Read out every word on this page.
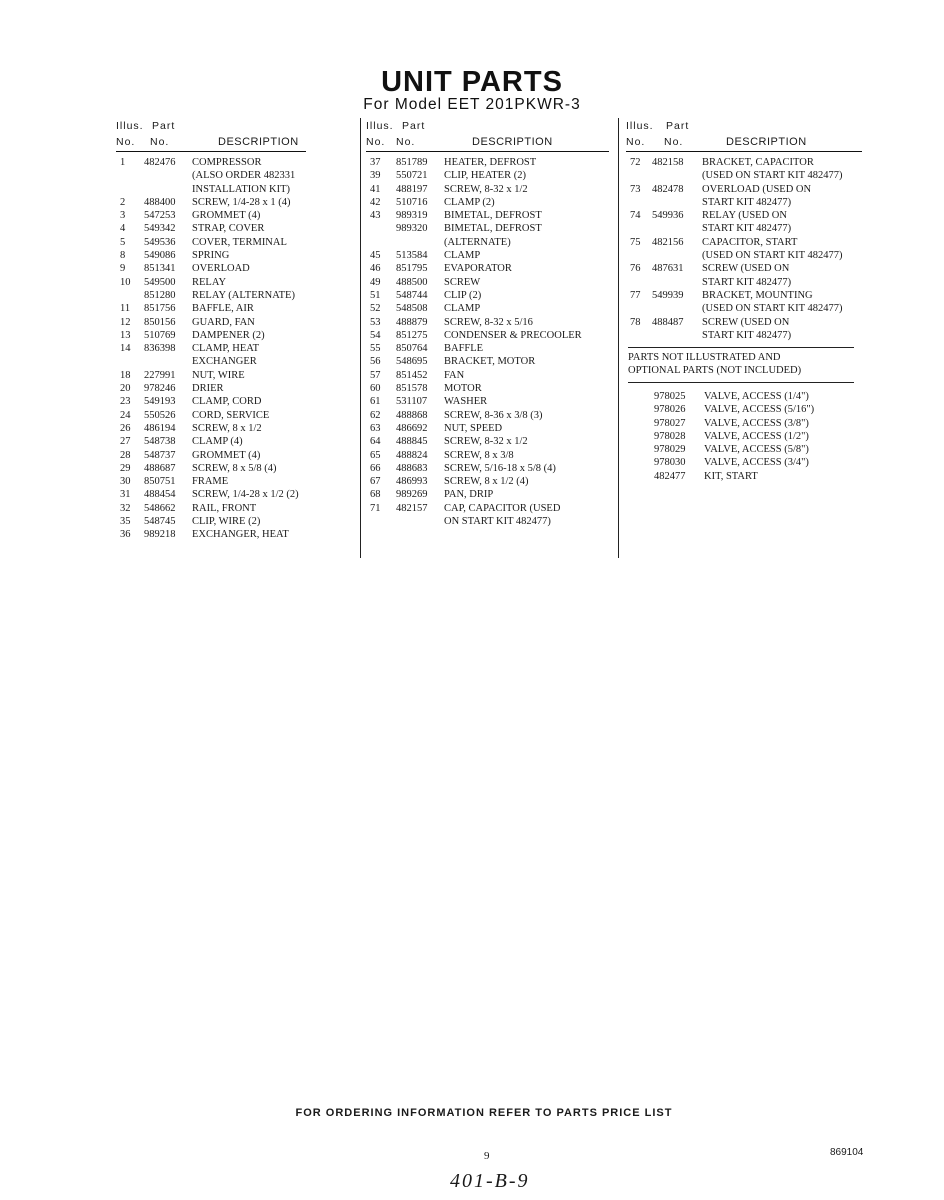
UNIT PARTS
For Model EET 201PKWR-3
Illus. Part
No. No.	DESCRIPTION
1 482476 COMPRESSOR
(ALSO ORDER 482331
INSTALLATION KIT)
2 488400 SCREW, 1/4-28 x 1 (4)
3 547253 GROMMET (4)
4 549342 STRAP, COVER
5 549536 COVER, TERMINAL
8 549086 SPRING
9 851341 OVERLOAD
10 549500 RELAY
851280 RELAY (ALTERNATE)
11 851756 BAFFLE, AIR
12 850156 GUARD, FAN
13 510769 DAMPENER (2)
14 836398 CLAMP, HEAT
EXCHANGER
18 227991 NUT, WIRE
20 978246 DRIER
23 549193 CLAMP, CORD
24 550526 CORD, SERVICE
26 486194 SCREW, 8 x 1/2
27 548738 CLAMP (4)
28 548737 GROMMET (4)
29 488687 SCREW, 8 x 5/8 (4)
30 850751 FRAME
31 488454 SCREW, 1/4-28 x 1/2 (2)
32 548662 RAIL, FRONT
35 548745 CLIP, WIRE (2)
36 989218 EXCHANGER, HEAT
Illus. Part
No. No.	DESCRIPTION
37 851789 HEATER, DEFROST
39 550721 CLIP, HEATER (2)
41 488197 SCREW, 8-32 x 1/2
42 510716 CLAMP (2)
43 989319 BIMETAL, DEFROST
989320 BIMETAL, DEFROST
(ALTERNATE)
45 513584 CLAMP
46 851795 EVAPORATOR
49 488500 SCREW
51 548744 CLIP (2)
52 548508 CLAMP
53 488879 SCREW, 8-32 x 5/16
54 851275 CONDENSER & PRECOOLER
55 850764 BAFFLE
56 548695 BRACKET, MOTOR
57 851452 FAN
60 851578 MOTOR
61 531107 WASHER
62 488868 SCREW, 8-36 x 3/8 (3)
63 486692 NUT, SPEED
64 488845 SCREW, 8-32 x 1/2
65 488824 SCREW, 8 x 3/8
66 488683 SCREW, 5/16-18 x 5/8 (4)
67 486993 SCREW, 8 x 1/2 (4)
68 989269 PAN, DRIP
71 482157 CAP, CAPACITOR (USED
ON START KIT 482477)
Illus. Part
No. No.	DESCRIPTION
72 482158 BRACKET, CAPACITOR
(USED ON START KIT 482477)
73 482478 OVERLOAD (USED ON
START KIT 482477)
74 549936 RELAY (USED ON
START KIT 482477)
75 482156 CAPACITOR, START
(USED ON START KIT 482477)
76 487631 SCREW (USED ON
START KIT 482477)
77 549939 BRACKET, MOUNTING
(USED ON START KIT 482477)
78 488487 SCREW (USED ON
START KIT 482477)
PARTS NOT ILLUSTRATED AND
OPTIONAL PARTS (NOT INCLUDED)
978025 VALVE, ACCESS (1/4")
978026 VALVE, ACCESS (5/16")
978027 VALVE, ACCESS (3/8")
978028 VALVE, ACCESS (1/2")
978029 VALVE, ACCESS (5/8")
978030 VALVE, ACCESS (3/4")
482477 KIT, START
FOR ORDERING INFORMATION REFER TO PARTS PRICE LIST
9	869104
401-B-9
